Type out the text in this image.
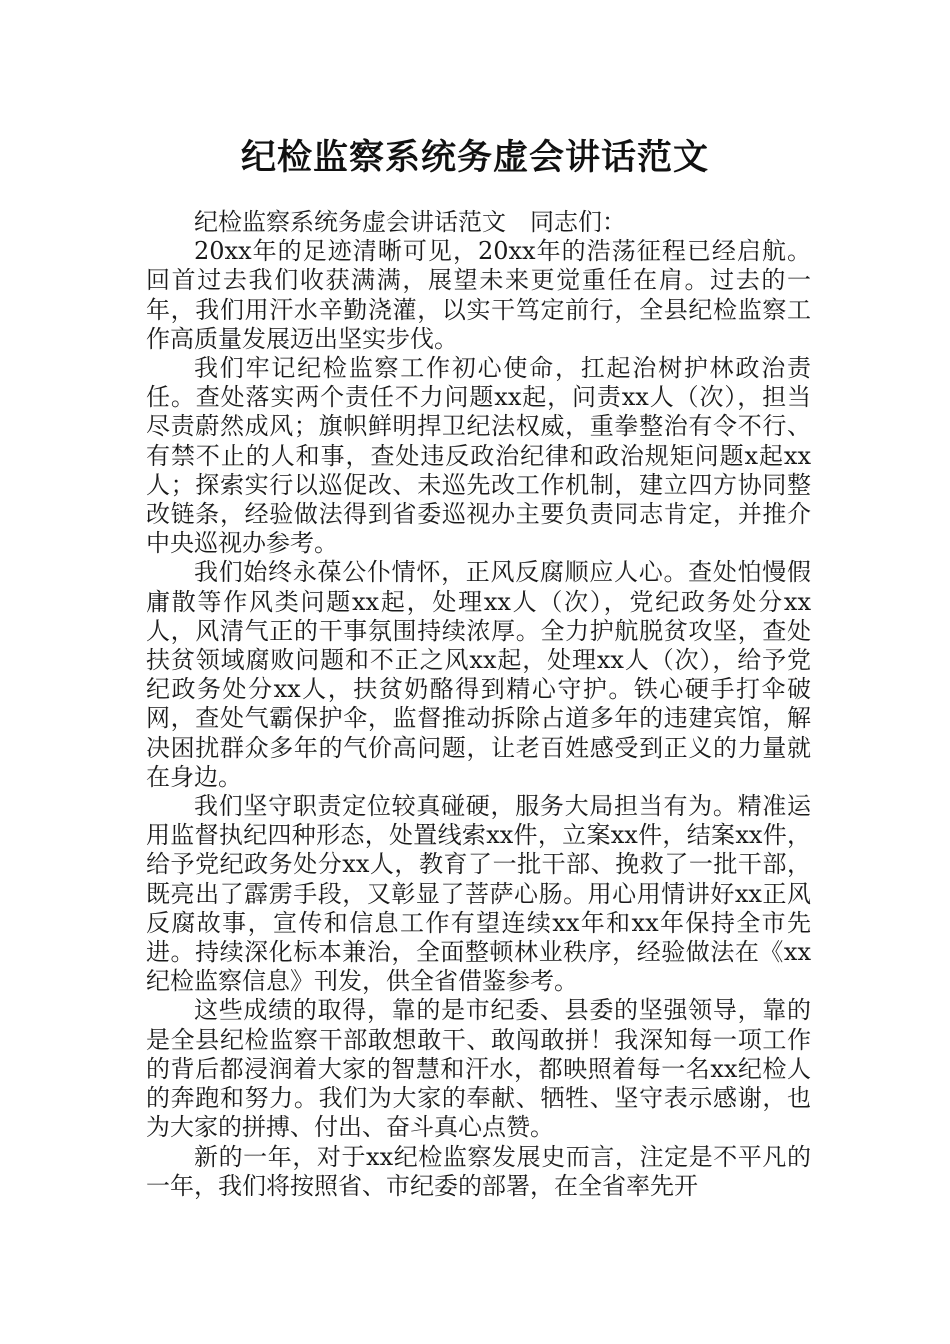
纪检监察系统务虚会讲话范文

纪检监察系统务虚会讲话范文　同志们：

20xx年的足迹清晰可见，20xx年的浩荡征程已经启航。回首过去我们收获满满，展望未来更觉重任在肩。过去的一年，我们用汗水辛勤浇灌，以实干笃定前行，全县纪检监察工作高质量发展迈出坚实步伐。

我们牢记纪检监察工作初心使命，扛起治树护林政治责任。查处落实两个责任不力问题xx起，问责xx人（次），担当尽责蔚然成风；旗帜鲜明捍卫纪法权威，重拳整治有令不行、有禁不止的人和事，查处违反政治纪律和政治规矩问题x起xx人；探索实行以巡促改、未巡先改工作机制，建立四方协同整改链条，经验做法得到省委巡视办主要负责同志肯定，并推介中央巡视办参考。

我们始终永葆公仆情怀，正风反腐顺应人心。查处怕慢假庸散等作风类问题xx起，处理xx人（次），党纪政务处分xx人，风清气正的干事氛围持续浓厚。全力护航脱贫攻坚，查处扶贫领域腐败问题和不正之风xx起，处理xx人（次），给予党纪政务处分xx人，扶贫奶酪得到精心守护。铁心硬手打伞破网，查处气霸保护伞，监督推动拆除占道多年的违建宾馆，解决困扰群众多年的气价高问题，让老百姓感受到正义的力量就在身边。

我们坚守职责定位较真碰硬，服务大局担当有为。精准运用监督执纪四种形态，处置线索xx件，立案xx件，结案xx件，给予党纪政务处分xx人，教育了一批干部、挽救了一批干部，既亮出了霹雳手段，又彰显了菩萨心肠。用心用情讲好xx正风反腐故事，宣传和信息工作有望连续xx年和xx年保持全市先进。持续深化标本兼治，全面整顿林业秩序，经验做法在《xx纪检监察信息》刊发，供全省借鉴参考。

这些成绩的取得，靠的是市纪委、县委的坚强领导，靠的是全县纪检监察干部敢想敢干、敢闯敢拼！我深知每一项工作的背后都浸润着大家的智慧和汗水，都映照着每一名xx纪检人的奔跑和努力。我们为大家的奉献、牺牲、坚守表示感谢，也为大家的拼搏、付出、奋斗真心点赞。

新的一年，对于xx纪检监察发展史而言，注定是不平凡的一年，我们将按照省、市纪委的部署，在全省率先开
